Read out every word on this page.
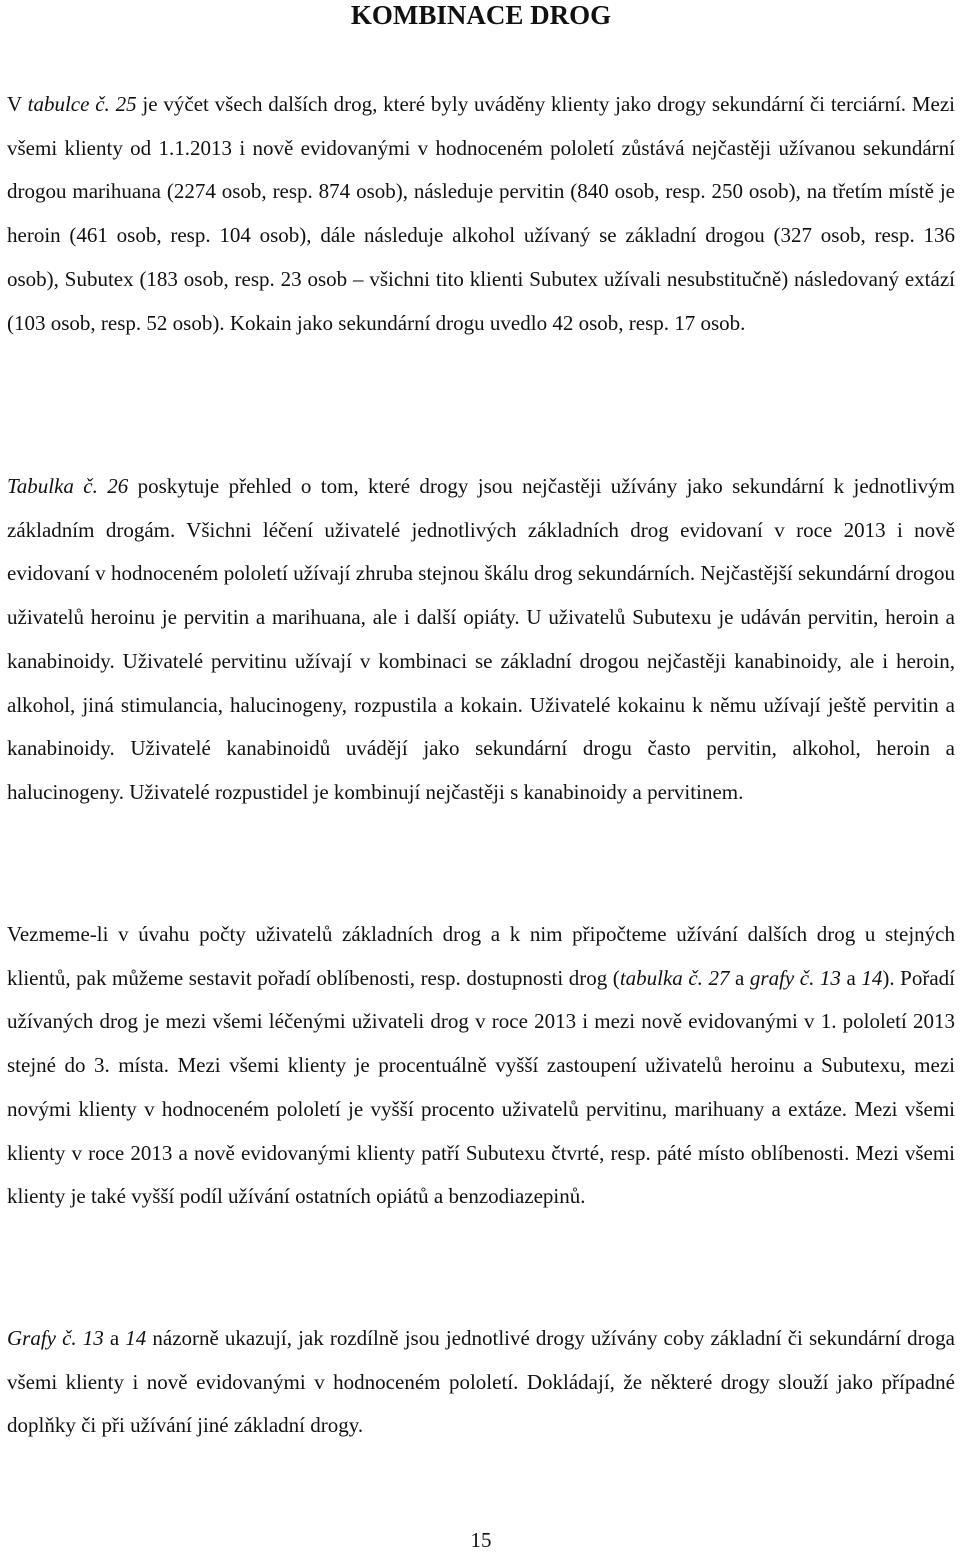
KOMBINACE DROG

V tabulce č. 25 je výčet všech dalších drog, které byly uváděny klienty jako drogy sekundární či terciární. Mezi všemi klienty od 1.1.2013 i nově evidovanými v hodnoceném pololetí zůstává nejčastěji užívanou sekundární drogou marihuana (2274 osob, resp. 874 osob), následuje pervitin (840 osob, resp. 250 osob), na třetím místě je heroin (461 osob, resp. 104 osob), dále následuje alkohol užívaný se základní drogou (327 osob, resp. 136 osob), Subutex (183 osob, resp. 23 osob – všichni tito klienti Subutex užívali nesubstitučně) následovaný extází (103 osob, resp. 52 osob). Kokain jako sekundární drogu uvedlo 42 osob, resp. 17 osob.

Tabulka č. 26 poskytuje přehled o tom, které drogy jsou nejčastěji užívány jako sekundární k jednotlivým základním drogám. Všichni léčení uživatelé jednotlivých základních drog evidovaní v roce 2013 i nově evidovaní v hodnoceném pololetí užívají zhruba stejnou škálu drog sekundárních. Nejčastější sekundární drogou uživatelů heroinu je pervitin a marihuana, ale i další opiáty. U uživatelů Subutexu je udáván pervitin, heroin a kanabinoidy. Uživatelé pervitinu užívají v kombinaci se základní drogou nejčastěji kanabinoidy, ale i heroin, alkohol, jiná stimulancia, halucinogeny, rozpustila a kokain. Uživatelé kokainu k němu užívají ještě pervitin a kanabinoidy. Uživatelé kanabinoidů uvádějí jako sekundární drogu často pervitin, alkohol, heroin a halucinogeny. Uživatelé rozpustidel je kombinují nejčastěji s kanabinoidy a pervitinem.

Vezmeme-li v úvahu počty uživatelů základních drog a k nim připočteme užívání dalších drog u stejných klientů, pak můžeme sestavit pořadí oblíbenosti, resp. dostupnosti drog (tabulka č. 27 a grafy č. 13 a 14). Pořadí užívaných drog je mezi všemi léčenými uživateli drog v roce 2013 i mezi nově evidovanými v 1. pololetí 2013 stejné do 3. místa. Mezi všemi klienty je procentuálně vyšší zastoupení uživatelů heroinu a Subutexu, mezi novými klienty v hodnoceném pololetí je vyšší procento uživatelů pervitinu, marihuany a extáze. Mezi všemi klienty v roce 2013 a nově evidovanými klienty patří Subutexu čtvrté, resp. páté místo oblíbenosti. Mezi všemi klienty je také vyšší podíl užívání ostatních opiátů a benzodiazepinů.

Grafy č. 13 a 14 názorně ukazují, jak rozdílně jsou jednotlivé drogy užívány coby základní či sekundární droga všemi klienty i nově evidovanými v hodnoceném pololetí. Dokládají, že některé drogy slouží jako případné doplňky či při užívání jiné základní drogy.

15
